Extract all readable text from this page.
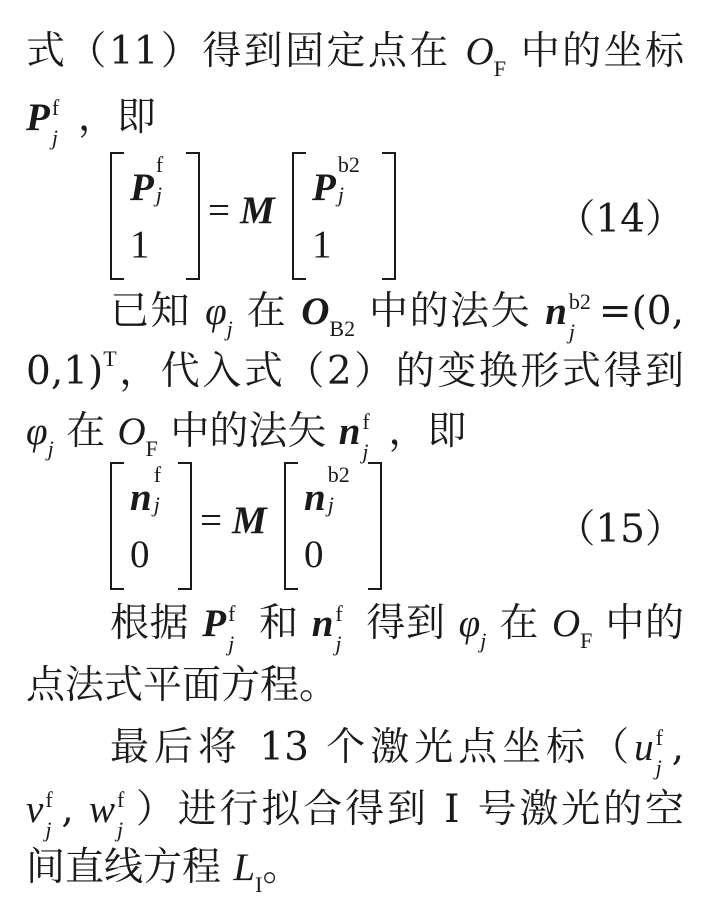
式（11）得到固定点在 $O_F$ 中的坐标
P f
j ，即
P
f
j
1
= M
P
b2
j
1
（14）
已知 $\varphi_j$ 在 $O_{B2}$ 中的法矢 n b2
j =(0,
0,1)$^T$，代入式（2）的变换形式得到
$\varphi_j$ 在 $O_F$ 中的法矢 n f
j ，即
n
f
j
0
= M
n
b2
j
0
（15）
根据 P f
j 和 n f
j 得到 $\varphi_j$ 在 $O_F$ 中的
点法式平面方程。
最后将 13 个激光点坐标（u f
j ,
v f
j , w f
j ）进行拟合得到 Ⅰ 号激光的空
间直线方程 $L_I$。
